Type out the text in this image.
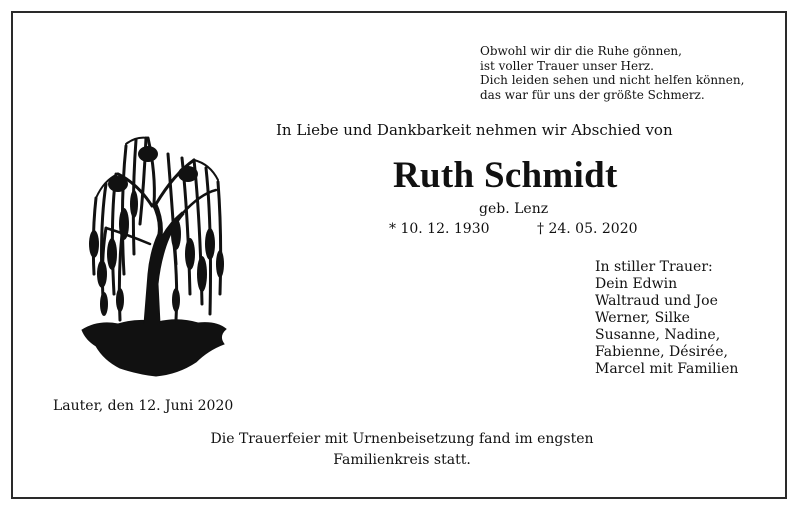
Obwohl wir dir die Ruhe gönnen,
ist voller Trauer unser Herz.
Dich leiden sehen und nicht helfen können,
das war für uns der größte Schmerz.
In Liebe und Dankbarkeit nehmen wir Abschied von
Ruth Schmidt
geb. Lenz
* 10. 12. 1930	† 24. 05. 2020
In stiller Trauer:
Dein Edwin
Waltraud und Joe
Werner, Silke
Susanne, Nadine,
Fabienne, Désirée,
Marcel mit Familien
Lauter, den 12. Juni 2020
Die Trauerfeier mit Urnenbeisetzung fand im engsten
Familienkreis statt.
